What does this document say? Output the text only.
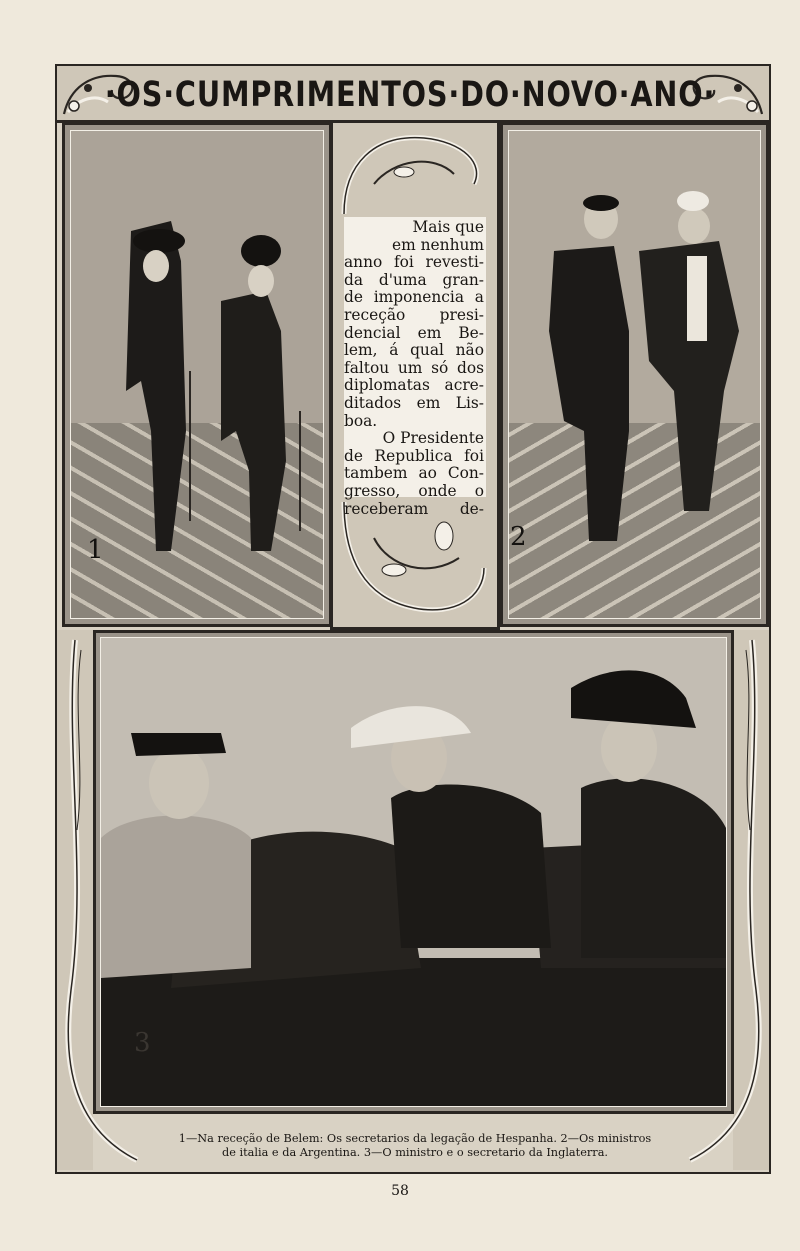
·OS·CUMPRIMENTOS·DO·NOVO·ANO·
1
Mais que
em nenhum
anno foi revesti-
da d'uma gran-
de imponencia a
receção presi-
dencial em Be-
lem, á qual não
faltou um só dos
diplomatas acre-
ditados em Lis-
boa.
O Presidente
de Republica foi
tambem ao Con-
gresso, onde o
receberam de-
2
3
1—Na receção de Belem: Os secretarios da legação de Hespanha. 2—Os ministros
de italia e da Argentina. 3—O ministro e o secretario da Inglaterra.
58
